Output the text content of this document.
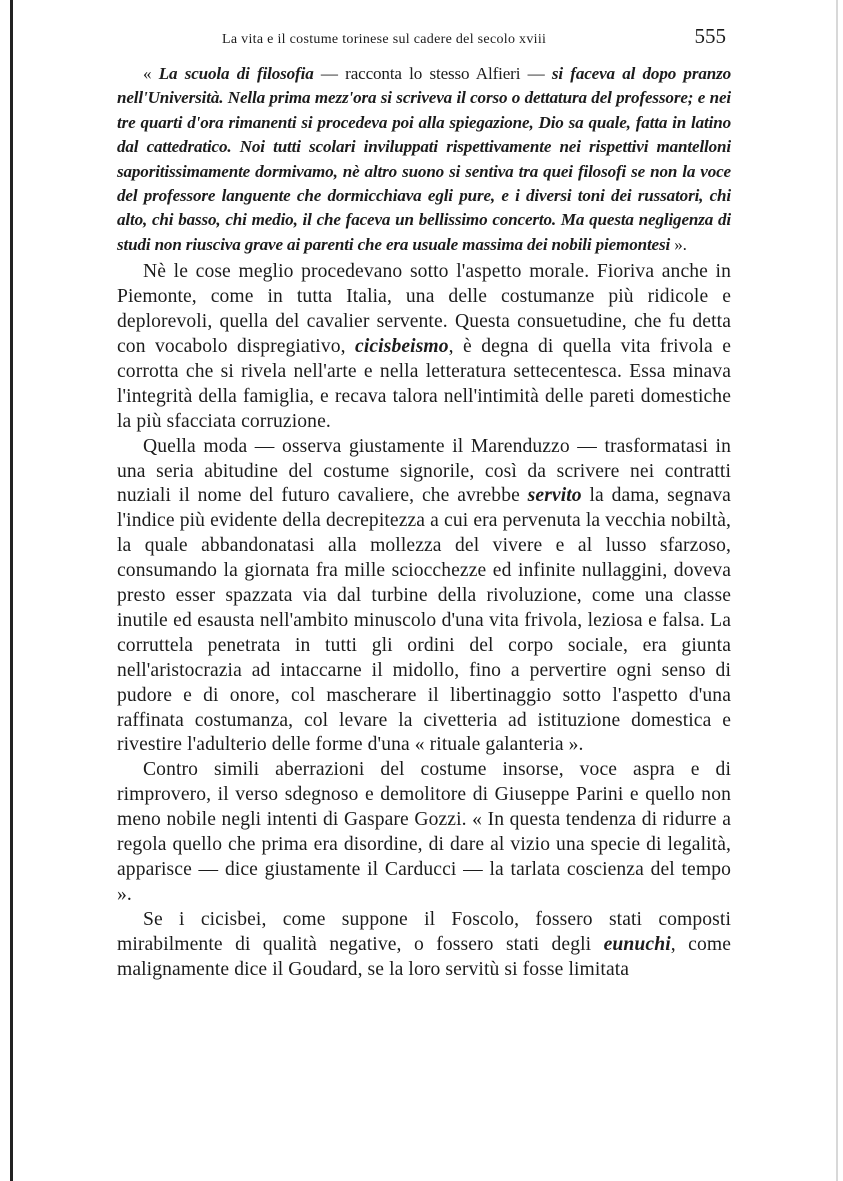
La vita e il costume torinese sul cadere del secolo xviii	555

« La scuola di filosofia — racconta lo stesso Alfieri — si faceva al dopo pranzo nell'Università. Nella prima mezz'ora si scriveva il corso o dettatura del professore; e nei tre quarti d'ora rimanenti si procedeva poi alla spiegazione, Dio sa quale, fatta in latino dal cattedratico. Noi tutti scolari inviluppati rispettivamente nei rispettivi mantelloni saporitissimamente dormivamo, nè altro suono si sentiva tra quei filosofi se non la voce del professore languente che dormicchiava egli pure, e i diversi toni dei russatori, chi alto, chi basso, chi medio, il che faceva un bellissimo concerto. Ma questa negligenza di studi non riusciva grave ai parenti che era usuale massima dei nobili piemontesi ».

Nè le cose meglio procedevano sotto l'aspetto morale. Fioriva anche in Piemonte, come in tutta Italia, una delle costumanze più ridicole e deplorevoli, quella del cavalier servente. Questa consuetudine, che fu detta con vocabolo dispregiativo, cicisbeismo, è degna di quella vita frivola e corrotta che si rivela nell'arte e nella letteratura settecentesca. Essa minava l'integrità della famiglia, e recava talora nell'intimità delle pareti domestiche la più sfacciata corruzione.

Quella moda — osserva giustamente il Marenduzzo — trasformatasi in una seria abitudine del costume signorile, così da scrivere nei contratti nuziali il nome del futuro cavaliere, che avrebbe servito la dama, segnava l'indice più evidente della decrepitezza a cui era pervenuta la vecchia nobiltà, la quale abbandonatasi alla mollezza del vivere e al lusso sfarzoso, consumando la giornata fra mille sciocchezze ed infinite nullaggini, doveva presto esser spazzata via dal turbine della rivoluzione, come una classe inutile ed esausta nell'ambito minuscolo d'una vita frivola, leziosa e falsa. La corruttela penetrata in tutti gli ordini del corpo sociale, era giunta nell'aristocrazia ad intaccarne il midollo, fino a pervertire ogni senso di pudore e di onore, col mascherare il libertinaggio sotto l'aspetto d'una raffinata costumanza, col levare la civetteria ad istituzione domestica e rivestire l'adulterio delle forme d'una « rituale galanteria ».

Contro simili aberrazioni del costume insorse, voce aspra e di rimprovero, il verso sdegnoso e demolitore di Giuseppe Parini e quello non meno nobile negli intenti di Gaspare Gozzi. « In questa tendenza di ridurre a regola quello che prima era disordine, di dare al vizio una specie di legalità, apparisce — dice giustamente il Carducci — la tarlata coscienza del tempo ».

Se i cicisbei, come suppone il Foscolo, fossero stati composti mirabilmente di qualità negative, o fossero stati degli eunuchi, come malignamente dice il Goudard, se la loro servitù si fosse limitata
